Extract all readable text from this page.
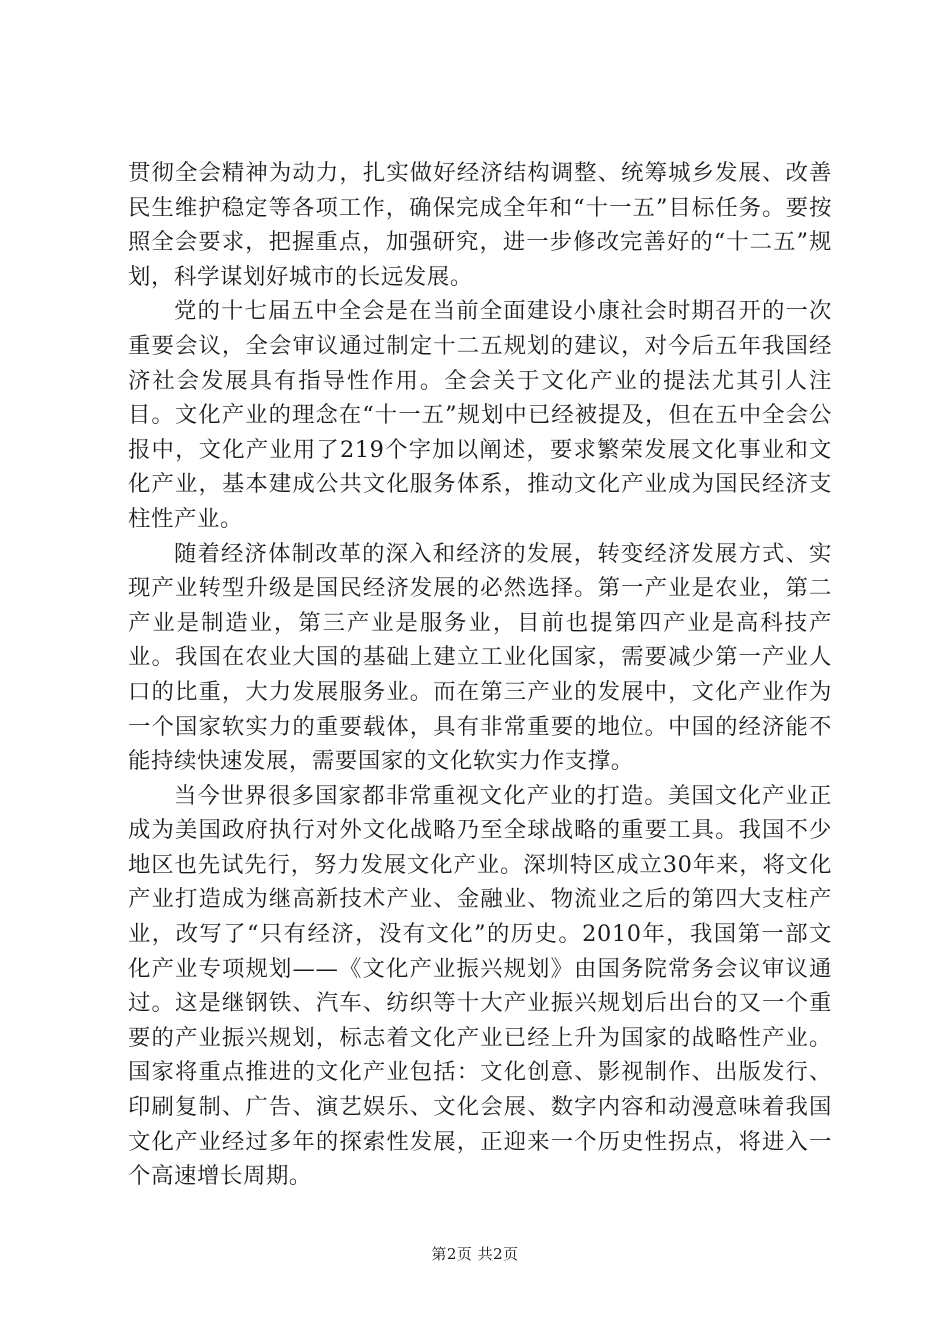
贯彻全会精神为动力，扎实做好经济结构调整、统筹城乡发展、改善民生维护稳定等各项工作，确保完成全年和“十一五”目标任务。要按照全会要求，把握重点，加强研究，进一步修改完善好的“十二五”规划，科学谋划好城市的长远发展。

党的十七届五中全会是在当前全面建设小康社会时期召开的一次重要会议，全会审议通过制定十二五规划的建议，对今后五年我国经济社会发展具有指导性作用。全会关于文化产业的提法尤其引人注目。文化产业的理念在“十一五”规划中已经被提及，但在五中全会公报中，文化产业用了219个字加以阐述，要求繁荣发展文化事业和文化产业，基本建成公共文化服务体系，推动文化产业成为国民经济支柱性产业。

随着经济体制改革的深入和经济的发展，转变经济发展方式、实现产业转型升级是国民经济发展的必然选择。第一产业是农业，第二产业是制造业，第三产业是服务业，目前也提第四产业是高科技产业。我国在农业大国的基础上建立工业化国家，需要减少第一产业人口的比重，大力发展服务业。而在第三产业的发展中，文化产业作为一个国家软实力的重要载体，具有非常重要的地位。中国的经济能不能持续快速发展，需要国家的文化软实力作支撑。

当今世界很多国家都非常重视文化产业的打造。美国文化产业正成为美国政府执行对外文化战略乃至全球战略的重要工具。我国不少地区也先试先行，努力发展文化产业。深圳特区成立30年来，将文化产业打造成为继高新技术产业、金融业、物流业之后的第四大支柱产业，改写了“只有经济，没有文化”的历史。2010年，我国第一部文化产业专项规划——《文化产业振兴规划》由国务院常务会议审议通过。这是继钢铁、汽车、纺织等十大产业振兴规划后出台的又一个重要的产业振兴规划，标志着文化产业已经上升为国家的战略性产业。国家将重点推进的文化产业包括：文化创意、影视制作、出版发行、印刷复制、广告、演艺娱乐、文化会展、数字内容和动漫意味着我国文化产业经过多年的探索性发展，正迎来一个历史性拐点，将进入一个高速增长周期。

第2页 共2页
